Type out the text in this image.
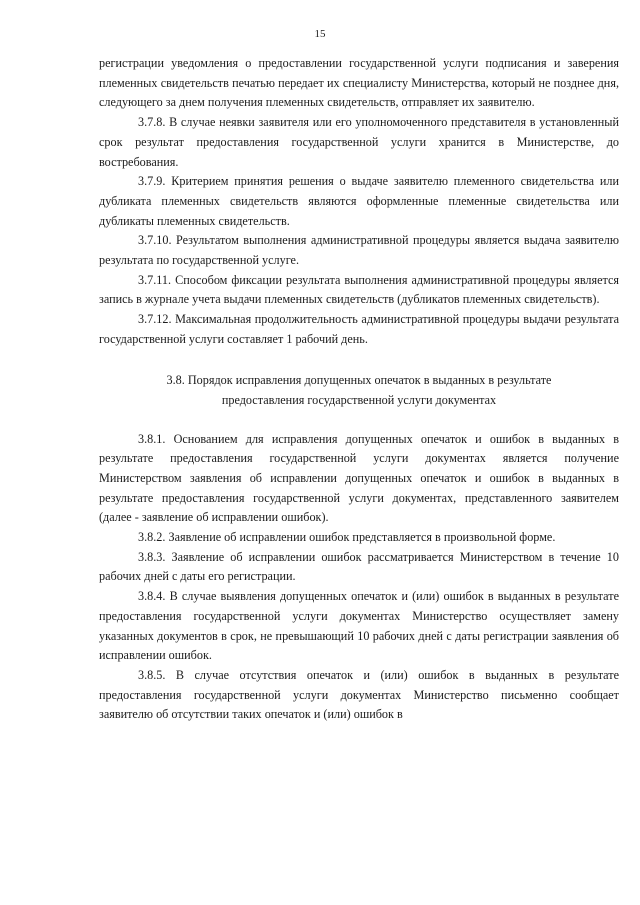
15

регистрации уведомления о предоставлении государственной услуги подписания и заверения племенных свидетельств печатью передает их специалисту Министерства, который не позднее дня, следующего за днем получения племенных свидетельств, отправляет их заявителю.

3.7.8. В случае неявки заявителя или его уполномоченного представителя в установленный срок результат предоставления государственной услуги хранится в Министерстве, до востребования.

3.7.9. Критерием принятия решения о выдаче заявителю племенного свидетельства или дубликата племенных свидетельств являются оформленные племенные свидетельства или дубликаты племенных свидетельств.

3.7.10. Результатом выполнения административной процедуры является выдача заявителю результата по государственной услуге.

3.7.11. Способом фиксации результата выполнения административной процедуры является запись в журнале учета выдачи племенных свидетельств (дубликатов племенных свидетельств).

3.7.12. Максимальная продолжительность административной процедуры выдачи результата государственной услуги составляет 1 рабочий день.

3.8. Порядок исправления допущенных опечаток в выданных в результате
предоставления государственной услуги документах

3.8.1. Основанием для исправления допущенных опечаток и ошибок в выданных в результате предоставления государственной услуги документах является получение Министерством заявления об исправлении допущенных опечаток и ошибок в выданных в результате предоставления государственной услуги документах, представленного заявителем (далее - заявление об исправлении ошибок).

3.8.2. Заявление об исправлении ошибок представляется в произвольной форме.

3.8.3. Заявление об исправлении ошибок рассматривается Министерством в течение 10 рабочих дней с даты его регистрации.

3.8.4. В случае выявления допущенных опечаток и (или) ошибок в выданных в результате предоставления государственной услуги документах Министерство осуществляет замену указанных документов в срок, не превышающий 10 рабочих дней с даты регистрации заявления об исправлении ошибок.

3.8.5. В случае отсутствия опечаток и (или) ошибок в выданных в результате предоставления государственной услуги документах Министерство письменно сообщает заявителю об отсутствии таких опечаток и (или) ошибок в
